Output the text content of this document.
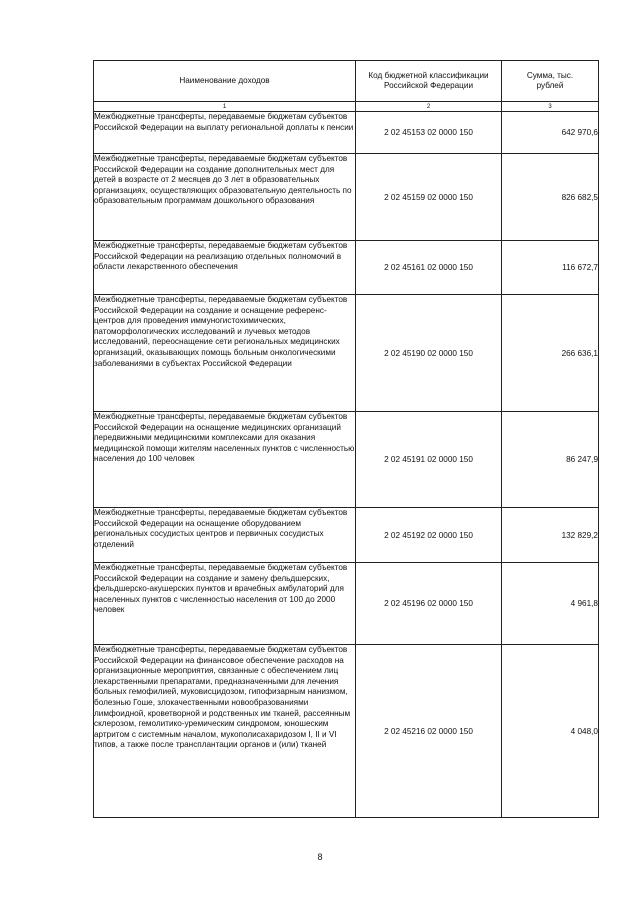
Наименование доходов	Код бюджетной классификации Российской Федерации	Сумма, тыс. рублей

1	2	3
Межбюджетные трансферты, передаваемые бюджетам субъектов Российской Федерации на выплату региональной доплаты к пенсии	2 02 45153 02 0000 150	642 970,6
Межбюджетные трансферты, передаваемые бюджетам субъектов Российской Федерации на создание дополнительных мест для детей в возрасте от 2 месяцев до 3 лет в образовательных организациях, осуществляющих образовательную деятельность по образовательным программам дошкольного образования	2 02 45159 02 0000 150	826 682,5
Межбюджетные трансферты, передаваемые бюджетам субъектов Российской Федерации на реализацию отдельных полномочий в области лекарственного обеспечения	2 02 45161 02 0000 150	116 672,7
Межбюджетные трансферты, передаваемые бюджетам субъектов Российской Федерации на создание и оснащение референс-центров для проведения иммуногистохимических, патоморфологических исследований и лучевых методов исследований, переоснащение сети региональных медицинских организаций, оказывающих помощь больным онкологическими заболеваниями в субъектах Российской Федерации	2 02 45190 02 0000 150	266 636,1
Межбюджетные трансферты, передаваемые бюджетам субъектов Российской Федерации на оснащение медицинских организаций передвижными медицинскими комплексами для оказания медицинской помощи жителям населенных пунктов с численностью населения до 100 человек	2 02 45191 02 0000 150	86 247,9
Межбюджетные трансферты, передаваемые бюджетам субъектов Российской Федерации на оснащение оборудованием региональных сосудистых центров и первичных сосудистых отделений	2 02 45192 02 0000 150	132 829,2
Межбюджетные трансферты, передаваемые бюджетам субъектов Российской Федерации на создание и замену фельдшерских, фельдшерско-акушерских пунктов и врачебных амбулаторий для населенных пунктов с численностью населения от 100 до 2000 человек	2 02 45196 02 0000 150	4 961,8
Межбюджетные трансферты, передаваемые бюджетам субъектов Российской Федерации на финансовое обеспечение расходов на организационные мероприятия, связанные с обеспечением лиц лекарственными препаратами, предназначенными для лечения больных гемофилией, муковисцидозом, гипофизарным нанизмом, болезнью Гоше, злокачественными новообразованиями лимфоидной, кроветворной и родственных им тканей, рассеянным склерозом, гемолитико-уремическим синдромом, юношеским артритом с системным началом, мукополисахаридозом I, II и VI типов, а также после трансплантации органов и (или) тканей	2 02 45216 02 0000 150	4 048,0
8
